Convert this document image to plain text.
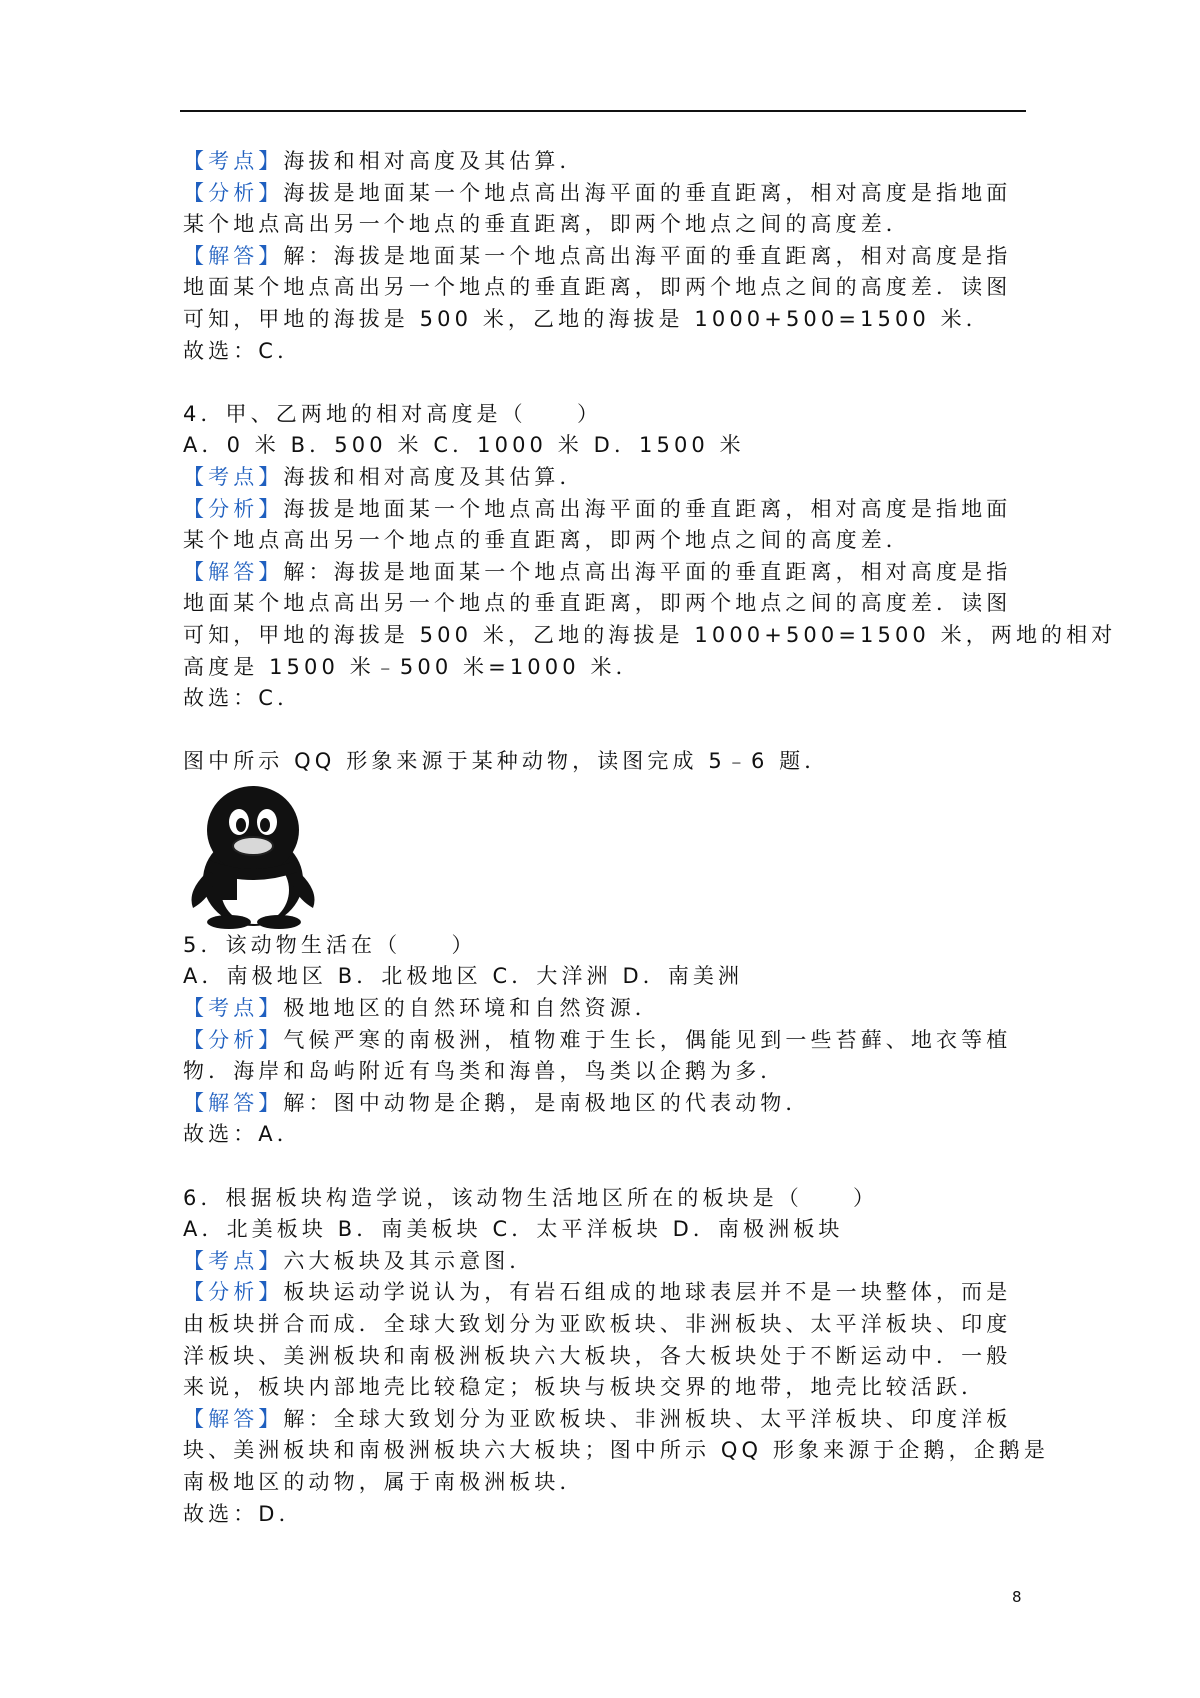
【考点】海拔和相对高度及其估算．

【分析】海拔是地面某一个地点高出海平面的垂直距离，相对高度是指地面

某个地点高出另一个地点的垂直距离，即两个地点之间的高度差．

【解答】解：海拔是地面某一个地点高出海平面的垂直距离，相对高度是指

地面某个地点高出另一个地点的垂直距离，即两个地点之间的高度差．读图

可知，甲地的海拔是 500 米，乙地的海拔是 1000+500=1500 米．

故选：C．

4．甲、乙两地的相对高度是（　　）

A．0 米 B．500 米 C．1000 米 D．1500 米

【考点】海拔和相对高度及其估算．

【分析】海拔是地面某一个地点高出海平面的垂直距离，相对高度是指地面

某个地点高出另一个地点的垂直距离，即两个地点之间的高度差．

【解答】解：海拔是地面某一个地点高出海平面的垂直距离，相对高度是指

地面某个地点高出另一个地点的垂直距离，即两个地点之间的高度差．读图

可知，甲地的海拔是 500 米，乙地的海拔是 1000+500=1500 米，两地的相对

高度是 1500 米﹣500 米=1000 米．

故选：C．

图中所示 QQ 形象来源于某种动物，读图完成 5﹣6 题．

5．该动物生活在（　　）

A．南极地区 B．北极地区 C．大洋洲 D．南美洲

【考点】极地地区的自然环境和自然资源．

【分析】气候严寒的南极洲，植物难于生长，偶能见到一些苔藓、地衣等植

物．海岸和岛屿附近有鸟类和海兽，鸟类以企鹅为多．

【解答】解：图中动物是企鹅，是南极地区的代表动物．

故选：A．

6．根据板块构造学说，该动物生活地区所在的板块是（　　）

A．北美板块 B．南美板块 C．太平洋板块 D．南极洲板块

【考点】六大板块及其示意图．

【分析】板块运动学说认为，有岩石组成的地球表层并不是一块整体，而是

由板块拼合而成．全球大致划分为亚欧板块、非洲板块、太平洋板块、印度

洋板块、美洲板块和南极洲板块六大板块，各大板块处于不断运动中．一般

来说，板块内部地壳比较稳定；板块与板块交界的地带，地壳比较活跃．

【解答】解：全球大致划分为亚欧板块、非洲板块、太平洋板块、印度洋板

块、美洲板块和南极洲板块六大板块；图中所示 QQ 形象来源于企鹅，企鹅是

南极地区的动物，属于南极洲板块．

故选：D．

8
